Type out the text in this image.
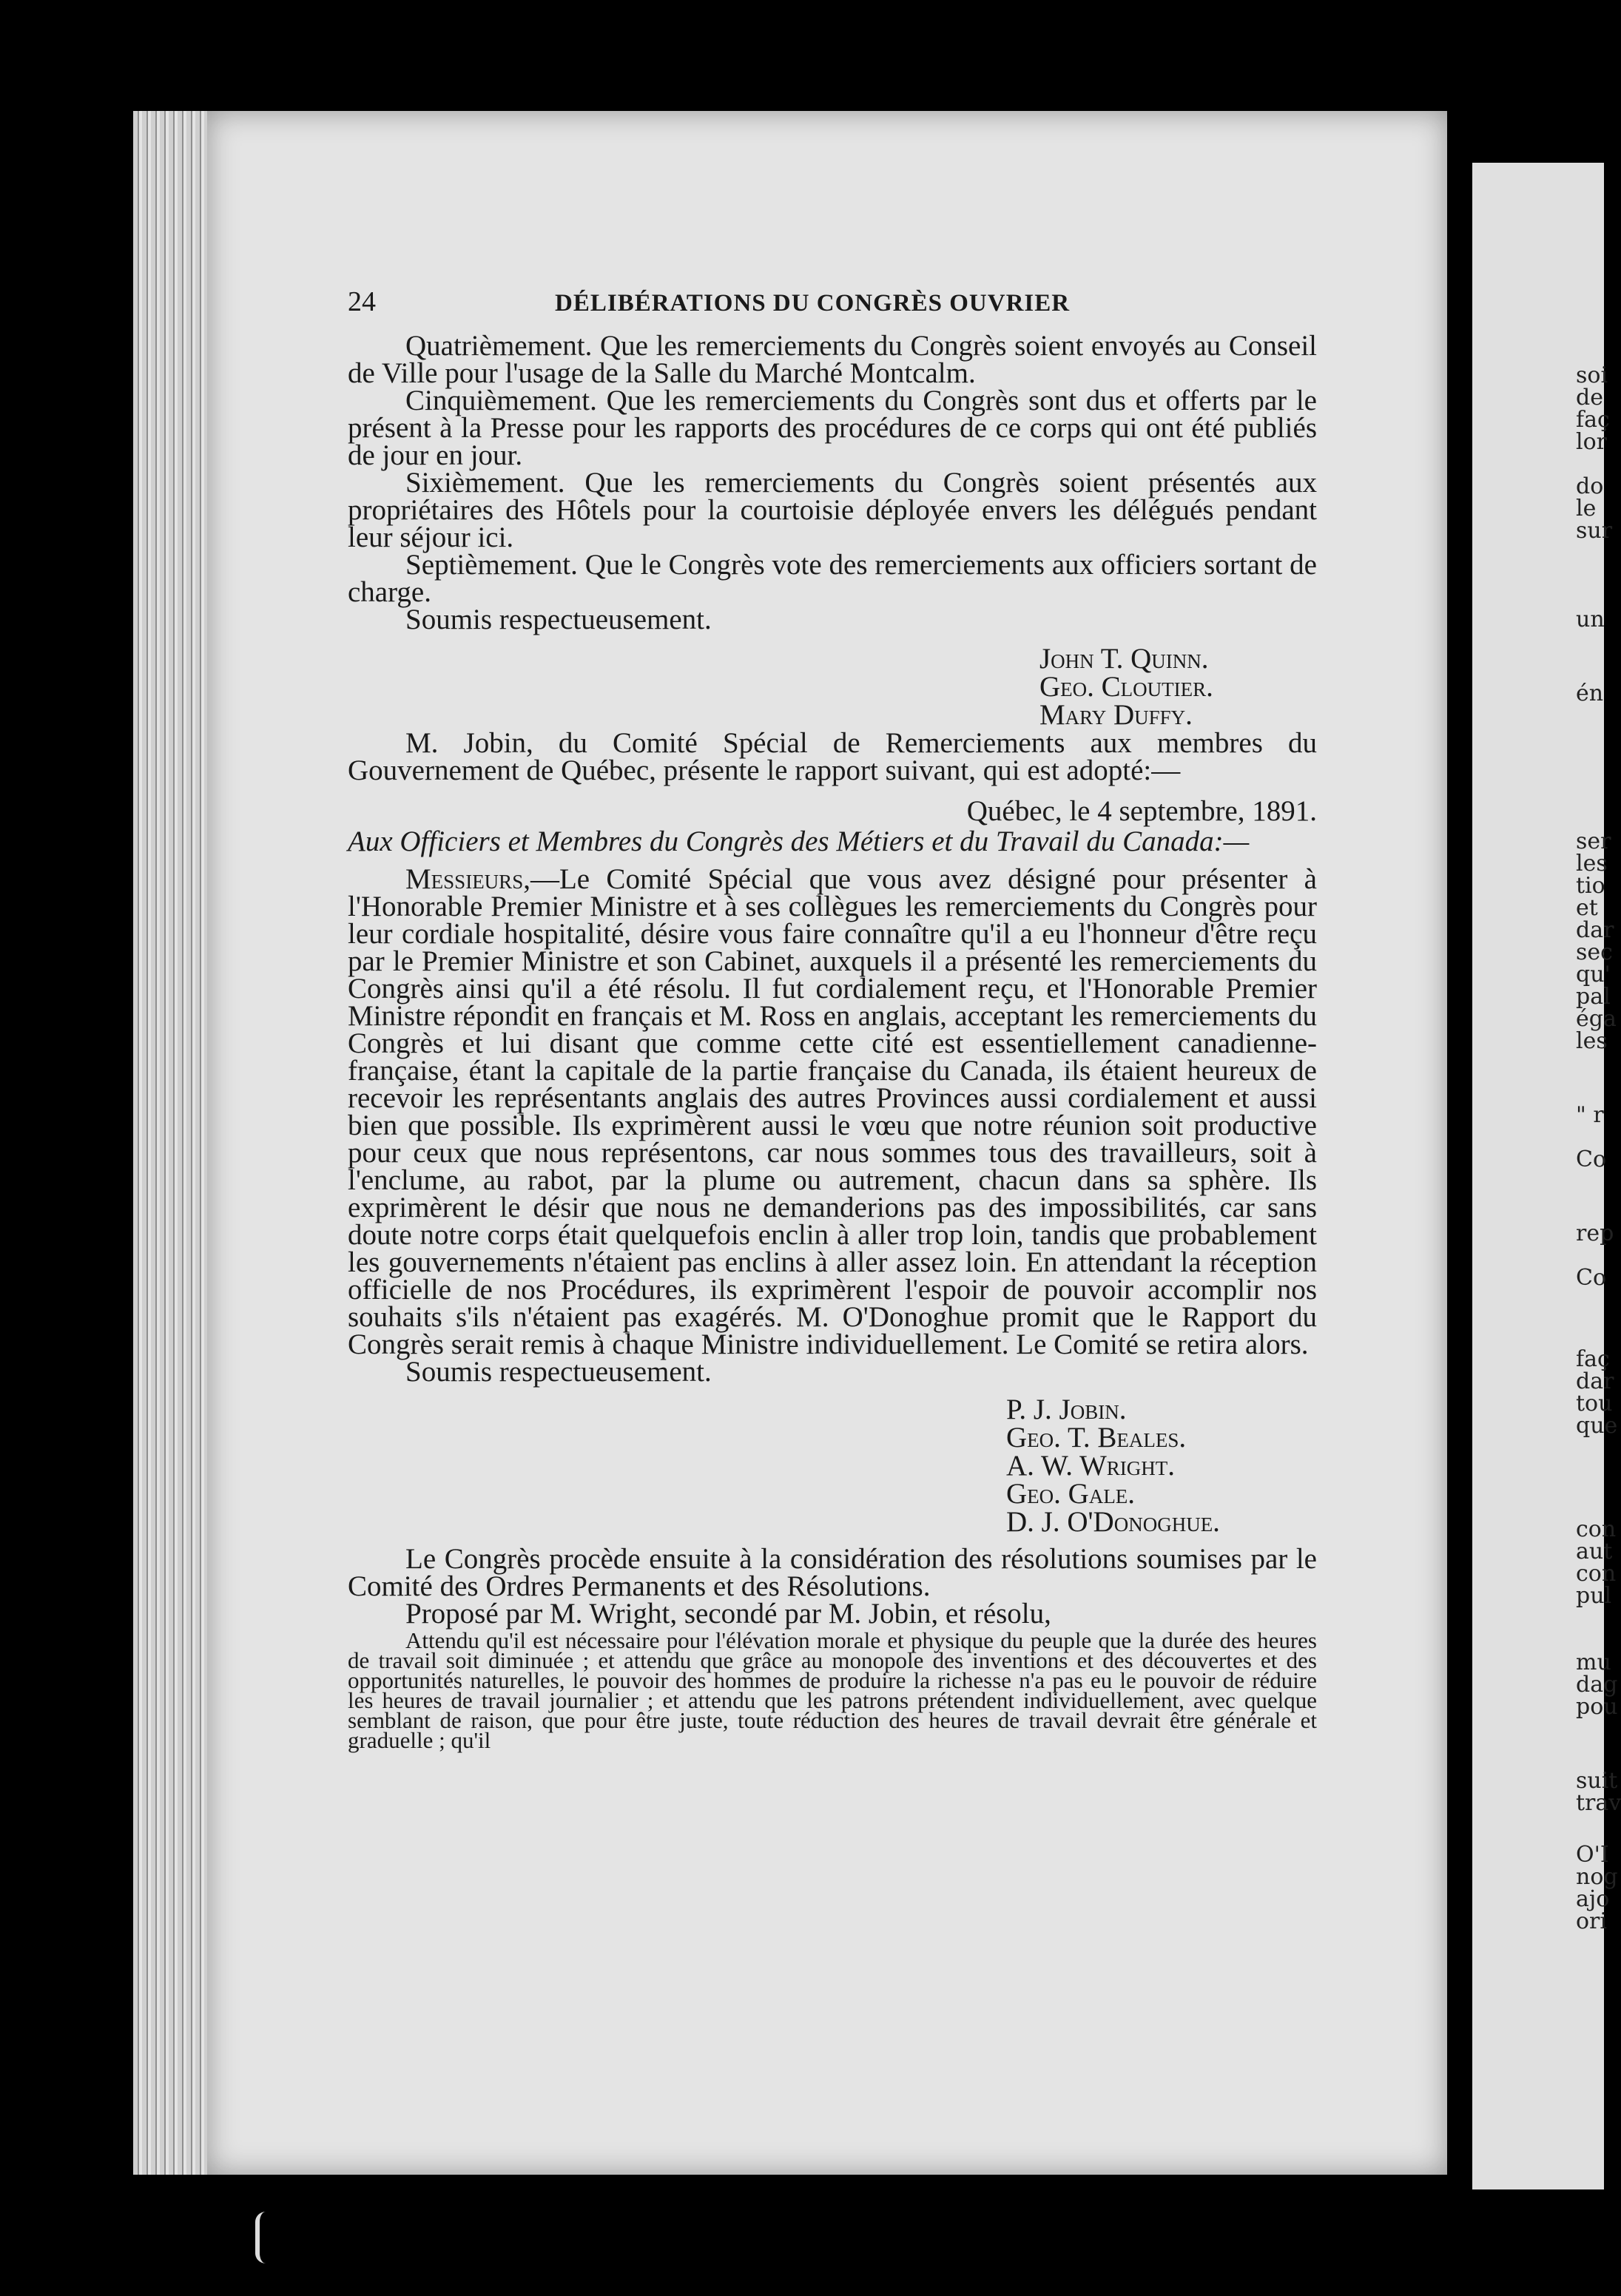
soi
de
faç
lor
do
le
sur
un
én
ser
les
tio
et
dar
sec
qu'
pal
éga
les
" r
Co
rep
Co
faç
dar
tou
que
con
aut
con
pul
mu
dag
pou
suit
trav
O'I
nog
ajo
ori
24	DÉLIBÉRATIONS DU CONGRÈS OUVRIER

Quatrièmement. Que les remerciements du Congrès soient envoyés au Conseil de Ville pour l'usage de la Salle du Marché Montcalm.

Cinquièmement. Que les remerciements du Congrès sont dus et offerts par le présent à la Presse pour les rapports des procédures de ce corps qui ont été publiés de jour en jour.

Sixièmement. Que les remerciements du Congrès soient présentés aux propriétaires des Hôtels pour la courtoisie déployée envers les délégués pendant leur séjour ici.

Septièmement. Que le Congrès vote des remerciements aux officiers sortant de charge.

Soumis respectueusement.

John T. Quinn.
Geo. Cloutier.
Mary Duffy.

M. Jobin, du Comité Spécial de Remerciements aux membres du Gouvernement de Québec, présente le rapport suivant, qui est adopté:—

Québec, le 4 septembre, 1891.

Aux Officiers et Membres du Congrès des Métiers et du Travail du Canada:—

Messieurs,—Le Comité Spécial que vous avez désigné pour présenter à l'Honorable Premier Ministre et à ses collègues les remerciements du Congrès pour leur cordiale hospitalité, désire vous faire connaître qu'il a eu l'honneur d'être reçu par le Premier Ministre et son Cabinet, auxquels il a présenté les remerciements du Congrès ainsi qu'il a été résolu. Il fut cordialement reçu, et l'Honorable Premier Ministre répondit en français et M. Ross en anglais, acceptant les remerciements du Congrès et lui disant que comme cette cité est essentiellement canadienne-française, étant la capitale de la partie française du Canada, ils étaient heureux de recevoir les représentants anglais des autres Provinces aussi cordialement et aussi bien que possible. Ils exprimèrent aussi le vœu que notre réunion soit productive pour ceux que nous représentons, car nous sommes tous des travailleurs, soit à l'enclume, au rabot, par la plume ou autrement, chacun dans sa sphère. Ils exprimèrent le désir que nous ne demanderions pas des impossibilités, car sans doute notre corps était quelquefois enclin à aller trop loin, tandis que probablement les gouvernements n'étaient pas enclins à aller assez loin. En attendant la réception officielle de nos Procédures, ils exprimèrent l'espoir de pouvoir accomplir nos souhaits s'ils n'étaient pas exagérés. M. O'Donoghue promit que le Rapport du Congrès serait remis à chaque Ministre individuellement. Le Comité se retira alors.

Soumis respectueusement.

P. J. Jobin.
Geo. T. Beales.
A. W. Wright.
Geo. Gale.
D. J. O'Donoghue.

Le Congrès procède ensuite à la considération des résolutions soumises par le Comité des Ordres Permanents et des Résolutions.

Proposé par M. Wright, secondé par M. Jobin, et résolu,

Attendu qu'il est nécessaire pour l'élévation morale et physique du peuple que la durée des heures de travail soit diminuée ; et attendu que grâce au monopole des inventions et des découvertes et des opportunités naturelles, le pouvoir des hommes de produire la richesse n'a pas eu le pouvoir de réduire les heures de travail journalier ; et attendu que les patrons prétendent individuellement, avec quelque semblant de raison, que pour être juste, toute réduction des heures de travail devrait être générale et graduelle ; qu'il
